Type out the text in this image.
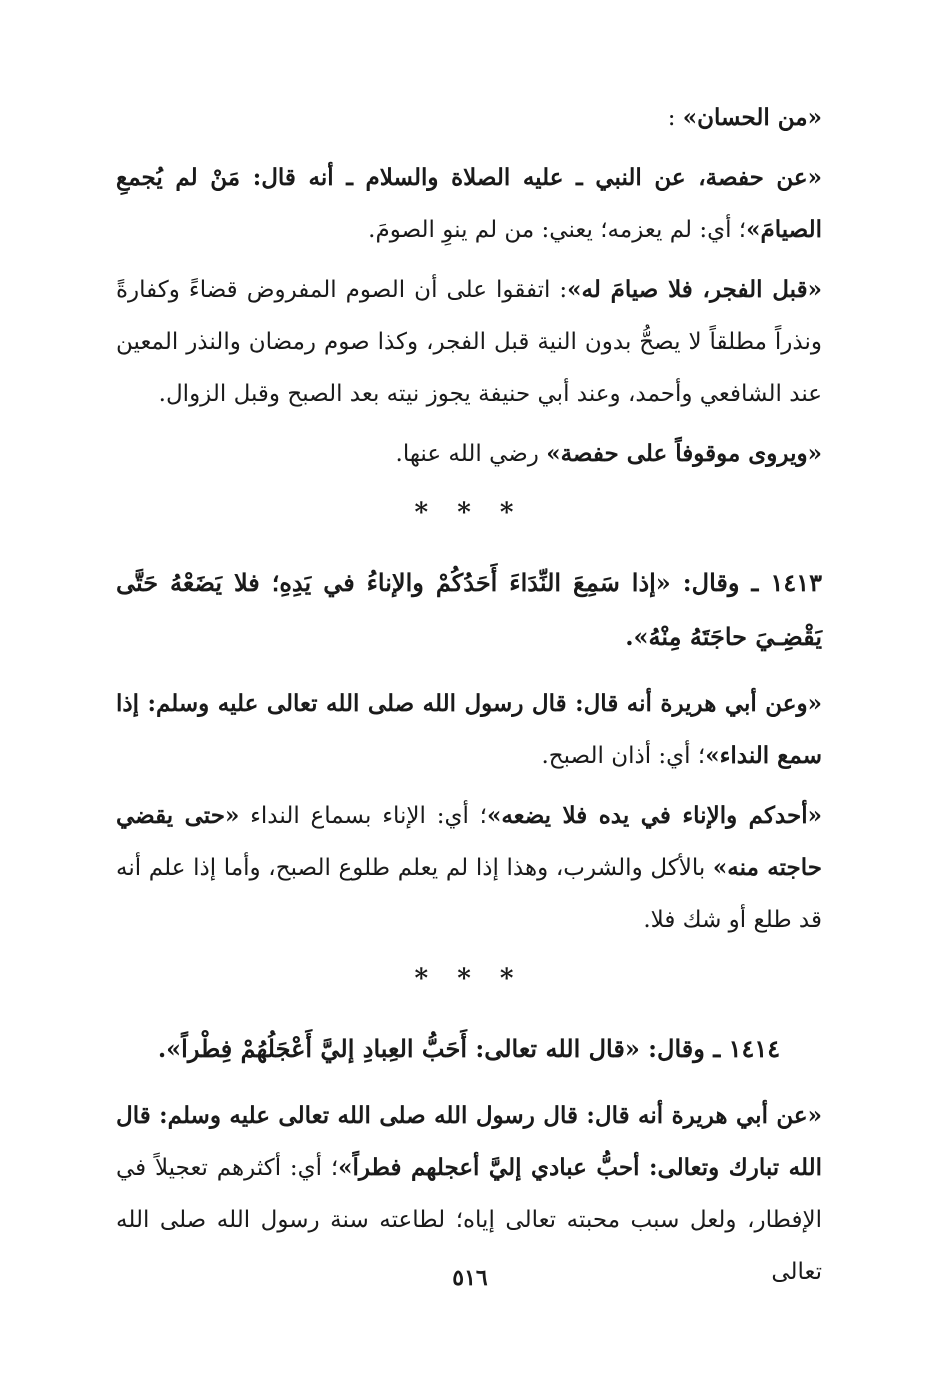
«من الحسان» :

«عن حفصة، عن النبي ـ عليه الصلاة والسلام ـ أنه قال: مَنْ لم يُجمعِ الصيامَ»؛ أي: لم يعزمه؛ يعني: من لم ينوِ الصومَ.

«قبل الفجر، فلا صيامَ له»: اتفقوا على أن الصوم المفروض قضاءً وكفارةً ونذراً مطلقاً لا يصحُّ بدون النية قبل الفجر، وكذا صوم رمضان والنذر المعين عند الشافعي وأحمد، وعند أبي حنيفة يجوز نيته بعد الصبح وقبل الزوال.

«ويروى موقوفاً على حفصة» رضي الله عنها.

* * *

١٤١٣ ـ وقال: «إذا سَمِعَ النِّدَاءَ أَحَدُكُمْ والإناءُ في يَدِهِ؛ فلا يَضَعْهُ حَتَّى يَقْضِـيَ حاجَتَهُ مِنْهُ».

«وعن أبي هريرة أنه قال: قال رسول الله صلى الله تعالى عليه وسلم: إذا سمع النداء»؛ أي: أذان الصبح.

«أحدكم والإناء في يده فلا يضعه»؛ أي: الإناء بسماع النداء «حتى يقضي حاجته منه» بالأكل والشرب، وهذا إذا لم يعلم طلوع الصبح، وأما إذا علم أنه قد طلع أو شك فلا.

* * *

١٤١٤ ـ وقال: «قال الله تعالى: أَحَبُّ العِبادِ إليَّ أَعْجَلُهُمْ فِطْراً».

«عن أبي هريرة أنه قال: قال رسول الله صلى الله تعالى عليه وسلم: قال الله تبارك وتعالى: أحبُّ عبادي إليَّ أعجلهم فطراً»؛ أي: أكثرهم تعجيلاً في الإفطار، ولعل سبب محبته تعالى إياه؛ لطاعته سنة رسول الله صلى الله تعالى

٥١٦
